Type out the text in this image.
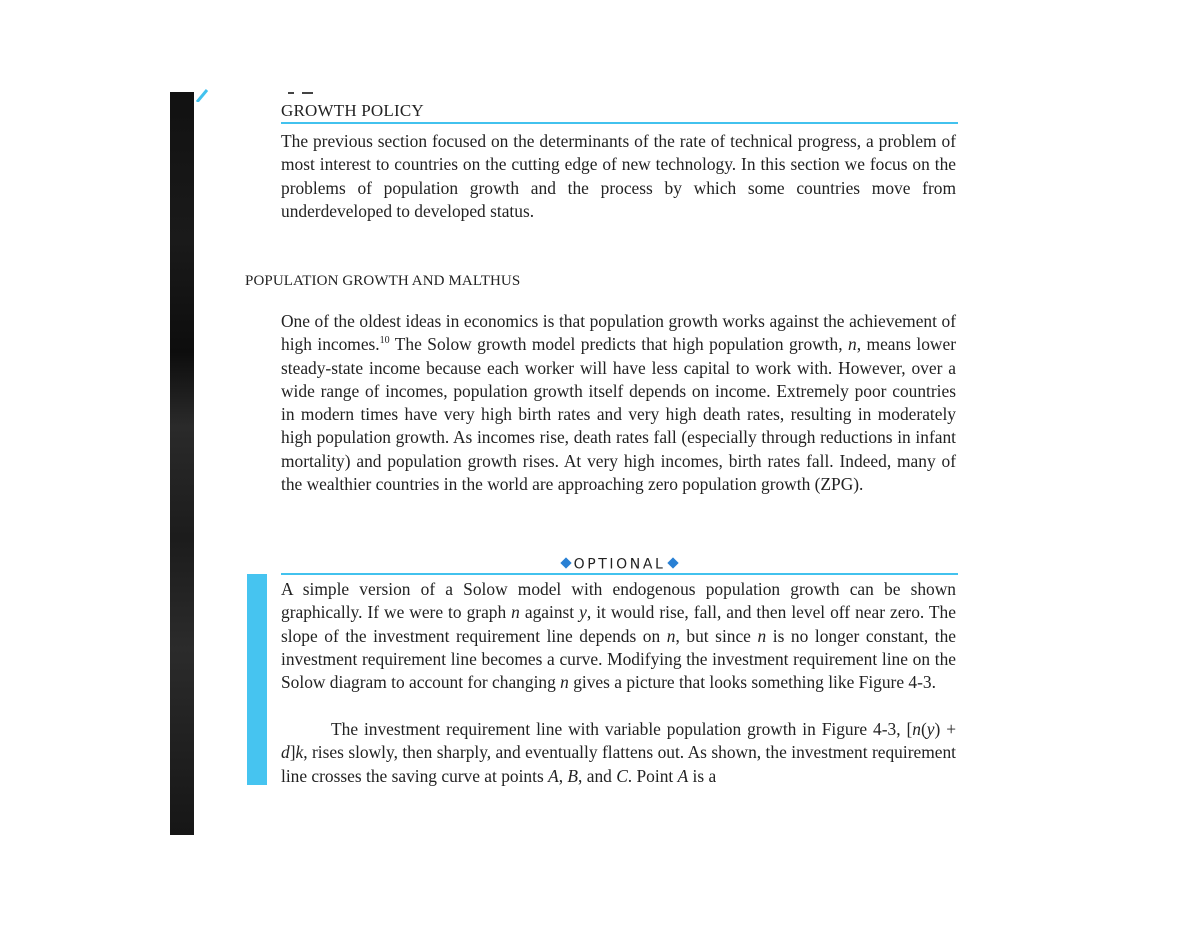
GROWTH POLICY

The previous section focused on the determinants of the rate of technical progress, a problem of most interest to countries on the cutting edge of new technology. In this section we focus on the problems of population growth and the process by which some countries move from underdeveloped to developed status.

POPULATION GROWTH AND MALTHUS

One of the oldest ideas in economics is that population growth works against the achievement of high incomes.$^{10}$ The Solow growth model predicts that high population growth, n, means lower steady-state income because each worker will have less capital to work with. However, over a wide range of incomes, population growth itself depends on income. Extremely poor countries in modern times have very high birth rates and very high death rates, resulting in moderately high population growth. As incomes rise, death rates fall (especially through reductions in infant mortality) and population growth rises. At very high incomes, birth rates fall. Indeed, many of the wealthier countries in the world are approaching zero population growth (ZPG).

OPTIONAL

A simple version of a Solow model with endogenous population growth can be shown graphically. If we were to graph n against y, it would rise, fall, and then level off near zero. The slope of the investment requirement line depends on n, but since n is no longer constant, the investment requirement line becomes a curve. Modifying the investment requirement line on the Solow diagram to account for changing n gives a picture that looks something like Figure 4-3.

The investment requirement line with variable population growth in Figure 4-3, [n(y) + d]k, rises slowly, then sharply, and eventually flattens out. As shown, the investment requirement line crosses the saving curve at points A, B, and C. Point A is a
